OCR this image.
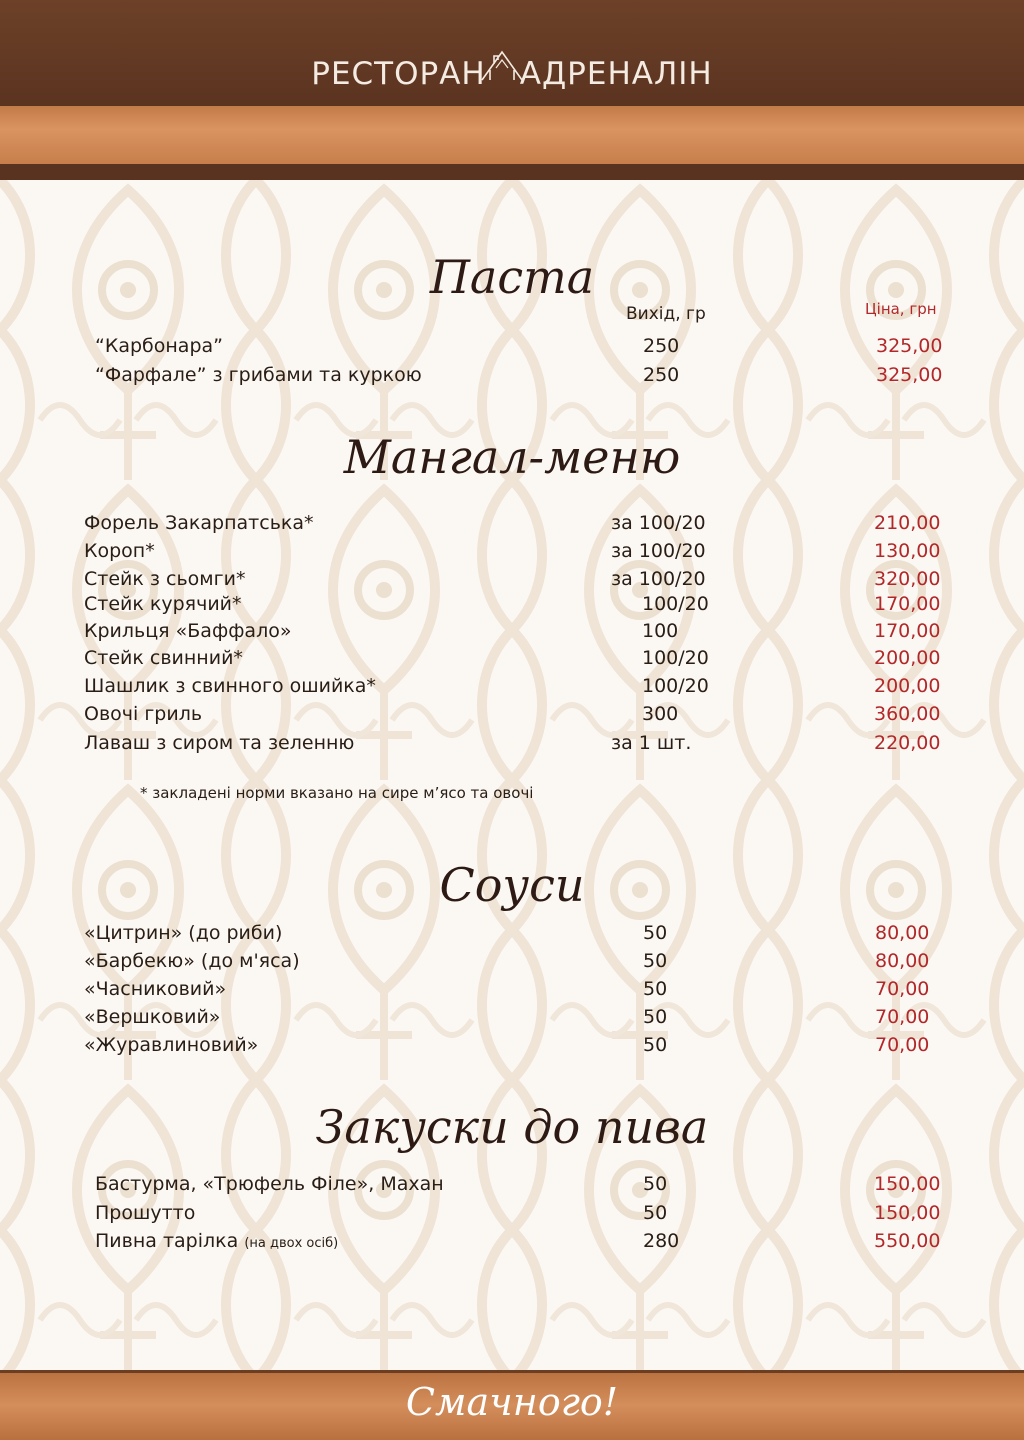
РЕСТОРАН АДРЕНАЛІН
Паста
Вихід, гр	Ціна, грн
“Карбонара”	250	325,00
“Фарфале” з грибами та куркою	250	325,00
Мангал-меню
Форель Закарпатська*	за 100/20	210,00
Короп*	за 100/20	130,00
Стейк з сьомги*	за 100/20	320,00
Стейк курячий*	100/20	170,00
Крильця «Баффало»	100	170,00
Стейк свинний*	100/20	200,00
Шашлик з свинного ошийка*	100/20	200,00
Овочі гриль	300	360,00
Лаваш з сиром та зеленню	за 1 шт.	220,00
* закладені норми вказано на сире м’ясо та овочі
Соуси
«Цитрин» (до риби)	50	80,00
«Барбекю» (до м'яса)	50	80,00
«Часниковий»	50	70,00
«Вершковий»	50	70,00
«Журавлиновий»	50	70,00
Закуски до пива
Бастурма, «Трюфель Філе», Махан	50	150,00
Прошутто	50	150,00
Пивна тарілка (на двох осіб)	280	550,00
Смачного!
